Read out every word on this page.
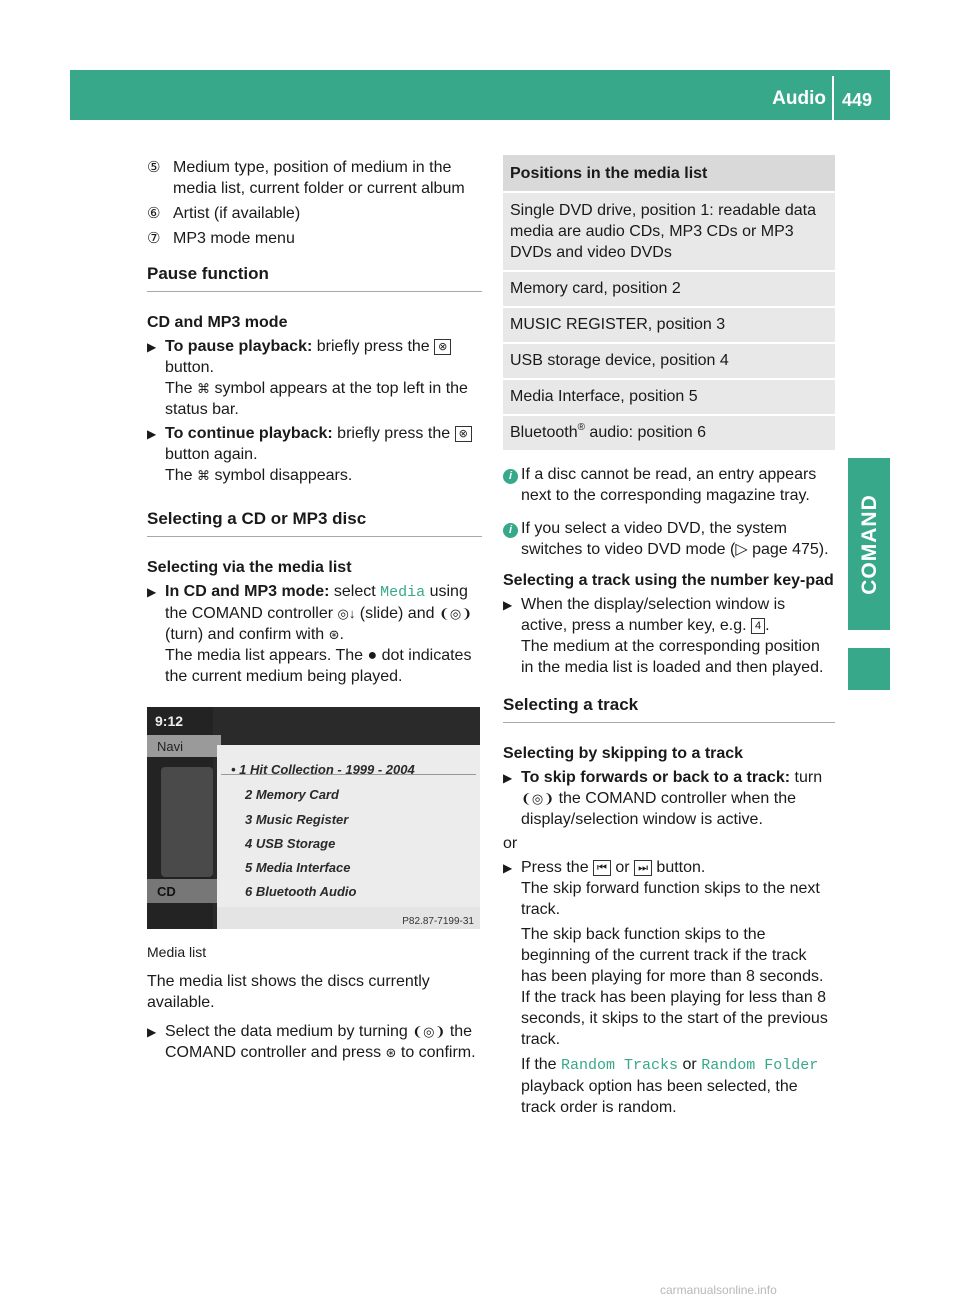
Audio 449
COMAND
⑤ Medium type, position of medium in the media list, current folder or current album
⑥ Artist (if available)
⑦ MP3 mode menu
Pause function
CD and MP3 mode
▶ To pause playback: briefly press the ⊗ button.
The ⌘ symbol appears at the top left in the status bar.
▶ To continue playback: briefly press the ⊗ button again.
The ⌘ symbol disappears.
Selecting a CD or MP3 disc
Selecting via the media list
▶ In CD and MP3 mode: select Media using the COMAND controller ◎↓ (slide) and ❨◎❩ (turn) and confirm with ⊛.
The media list appears. The ● dot indicates the current medium being played.
9:12
Navi
CD
• 1 Hit Collection - 1999 - 2004
2 Memory Card
3 Music Register
4 USB Storage
5 Media Interface
6 Bluetooth Audio
P82.87-7199-31
Media list
The media list shows the discs currently available.
▶ Select the data medium by turning ❨◎❩ the COMAND controller and press ⊛ to confirm.
Positions in the media list
Single DVD drive, position 1: readable data media are audio CDs, MP3 CDs or MP3 DVDs and video DVDs
Memory card, position 2
MUSIC REGISTER, position 3
USB storage device, position 4
Media Interface, position 5
Bluetooth® audio: position 6
i If a disc cannot be read, an entry appears next to the corresponding magazine tray.
i If you select a video DVD, the system switches to video DVD mode (▷ page 475).
Selecting a track using the number key-pad
▶ When the display/selection window is active, press a number key, e.g. 4 .
The medium at the corresponding position in the media list is loaded and then played.
Selecting a track
Selecting by skipping to a track
▶ To skip forwards or back to a track: turn ❨◎❩ the COMAND controller when the display/selection window is active.
or
▶ Press the ⏮ or ⏭ button.
The skip forward function skips to the next track.
The skip back function skips to the beginning of the current track if the track has been playing for more than 8 seconds. If the track has been playing for less than 8 seconds, it skips to the start of the previous track.
If the Random Tracks or Random Folder playback option has been selected, the track order is random.
carmanualsonline.info
